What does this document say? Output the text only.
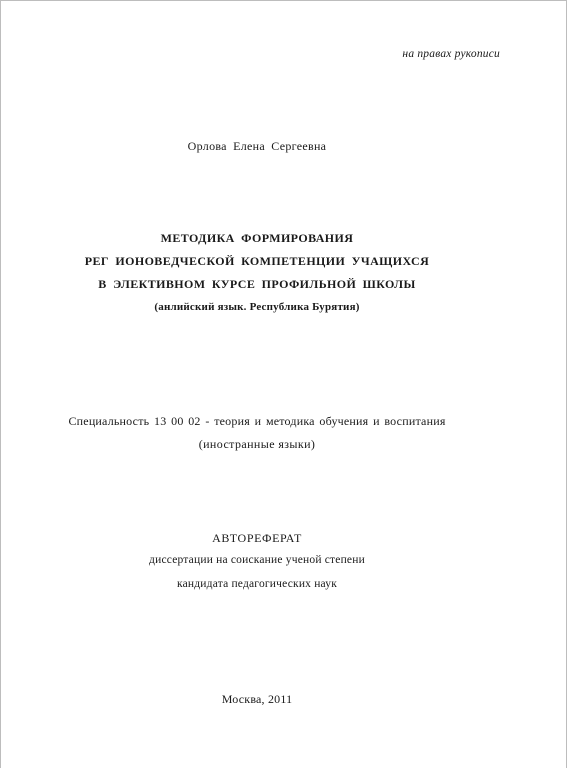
на правах рукописи
Орлова Елена Сергеевна
МЕТОДИКА ФОРМИРОВАНИЯ
РЕГ ИОНОВЕДЧЕСКОЙ КОМПЕТЕНЦИИ УЧАЩИХСЯ
В ЭЛЕКТИВНОМ КУРСЕ ПРОФИЛЬНОЙ ШКОЛЫ
(анлийский язык. Республика Бурятия)
Специальность 13 00 02 - теория и методика обучения и воспитания
(иностранные языки)
АВТОРЕФЕРАТ
диссертации на соискание ученой степени
кандидата педагогических наук
Москва, 2011
